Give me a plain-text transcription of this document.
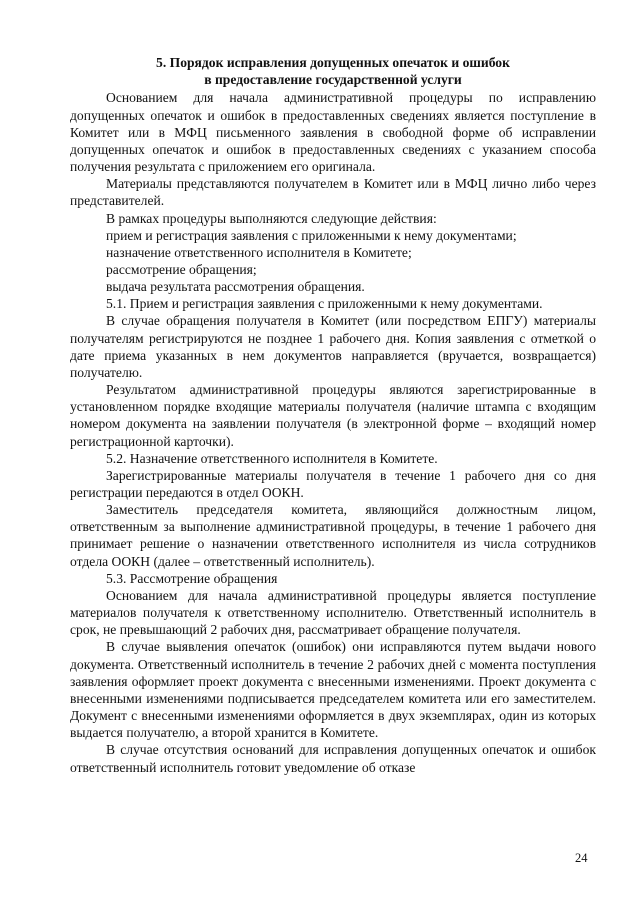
5. Порядок исправления допущенных опечаток и ошибок
в предоставление государственной услуги

Основанием для начала административной процедуры по исправлению допущенных опечаток и ошибок в предоставленных сведениях является поступление в Комитет или в МФЦ письменного заявления в свободной форме об исправлении допущенных опечаток и ошибок в предоставленных сведениях с указанием способа получения результата с приложением его оригинала.

Материалы представляются получателем в Комитет или в МФЦ лично либо через представителей.

В рамках процедуры выполняются следующие действия:

прием и регистрация заявления с приложенными к нему документами;

назначение ответственного исполнителя в Комитете;

рассмотрение обращения;

выдача результата рассмотрения обращения.

5.1. Прием и регистрация заявления с приложенными к нему документами.

В случае обращения получателя в Комитет (или посредством ЕПГУ) материалы получателям регистрируются не позднее 1 рабочего дня. Копия заявления с отметкой о дате приема указанных в нем документов направляется (вручается, возвращается) получателю.

Результатом административной процедуры являются зарегистрированные в установленном порядке входящие материалы получателя (наличие штампа с входящим номером документа на заявлении получателя (в электронной форме – входящий номер регистрационной карточки).

5.2. Назначение ответственного исполнителя в Комитете.

Зарегистрированные материалы получателя в течение 1 рабочего дня со дня регистрации передаются в отдел ООКН.

Заместитель председателя комитета, являющийся должностным лицом, ответственным за выполнение административной процедуры, в течение 1 рабочего дня принимает решение о назначении ответственного исполнителя из числа сотрудников отдела ООКН (далее – ответственный исполнитель).

5.3. Рассмотрение обращения

Основанием для начала административной процедуры является поступление материалов получателя к ответственному исполнителю. Ответственный исполнитель в срок, не превышающий 2 рабочих дня, рассматривает обращение получателя.

В случае выявления опечаток (ошибок) они исправляются путем выдачи нового документа. Ответственный исполнитель в течение 2 рабочих дней с момента поступления заявления оформляет проект документа с внесенными изменениями. Проект документа с внесенными изменениями подписывается председателем комитета или его заместителем. Документ с внесенными изменениями оформляется в двух экземплярах, один из которых выдается получателю, а второй хранится в Комитете.

В случае отсутствия оснований для исправления допущенных опечаток и ошибок ответственный исполнитель готовит уведомление об отказе

24
